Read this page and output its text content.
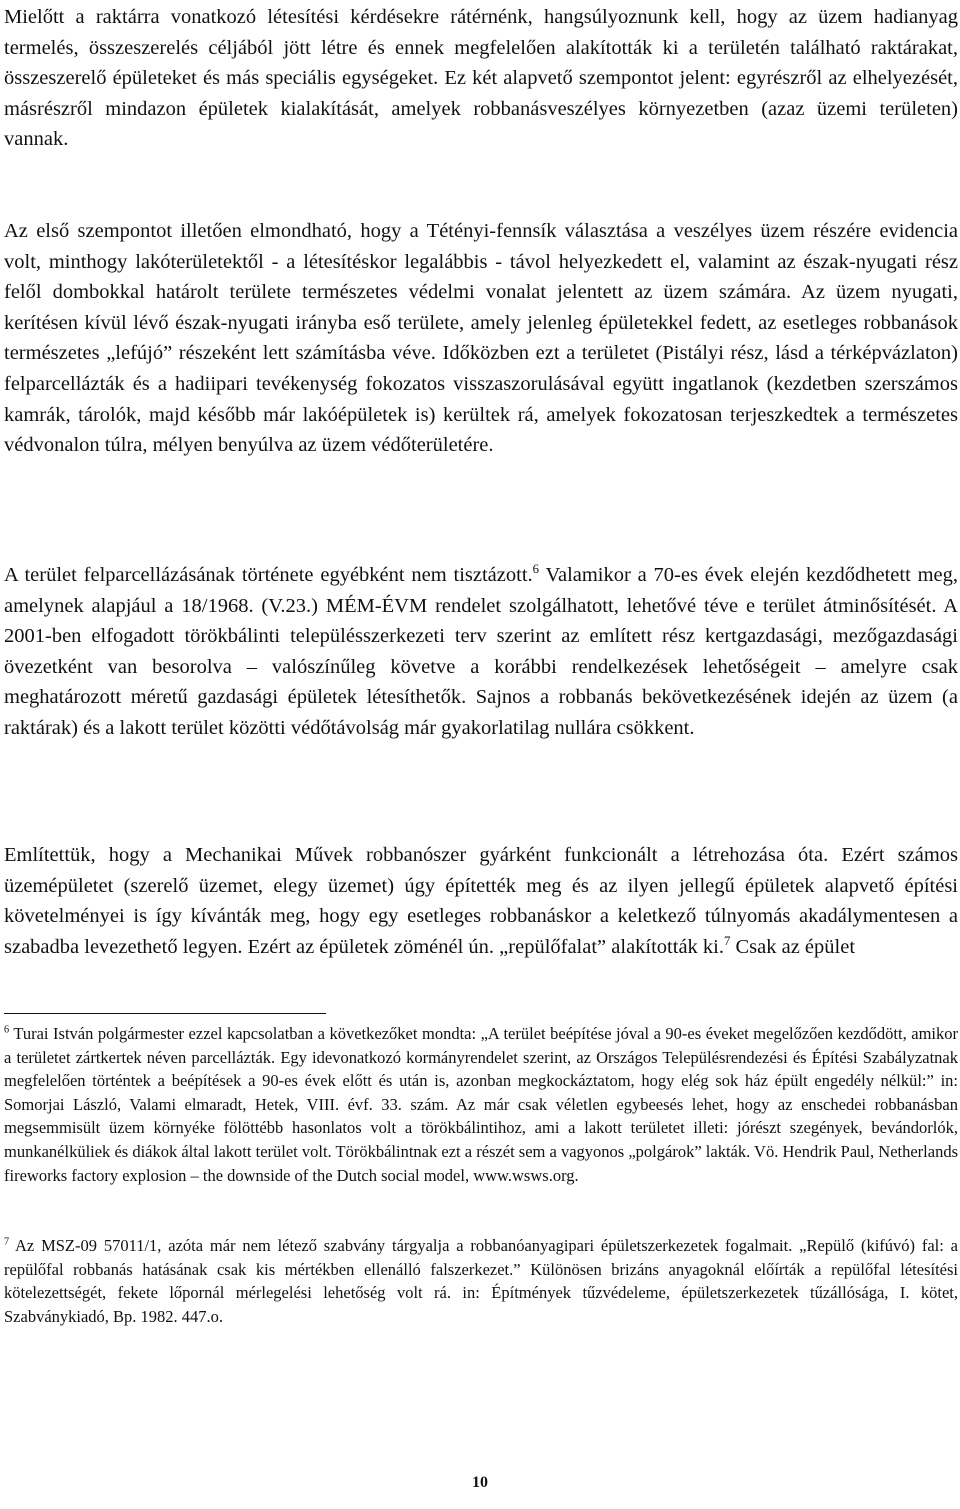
Mielőtt a raktárra vonatkozó létesítési kérdésekre rátérnénk, hangsúlyoznunk kell, hogy az üzem hadianyag termelés, összeszerelés céljából jött létre és ennek megfelelően alakították ki a területén található raktárakat, összeszerelő épületeket és más speciális egységeket. Ez két alapvető szempontot jelent: egyrészről az elhelyezését, másrészről mindazon épületek kialakítását, amelyek robbanásveszélyes környezetben (azaz üzemi területen) vannak.

Az első szempontot illetően elmondható, hogy a Tétényi-fennsík választása a veszélyes üzem részére evidencia volt, minthogy lakóterületektől - a létesítéskor legalábbis - távol helyezkedett el, valamint az észak-nyugati rész felől dombokkal határolt területe természetes védelmi vonalat jelentett az üzem számára. Az üzem nyugati, kerítésen kívül lévő észak-nyugati irányba eső területe, amely jelenleg épületekkel fedett, az esetleges robbanások természetes „lefújó” részeként lett számításba véve. Időközben ezt a területet (Pistályi rész, lásd a térképvázlaton) felparcellázták és a hadiipari tevékenység fokozatos visszaszorulásával együtt ingatlanok (kezdetben szerszámos kamrák, tárolók, majd később már lakóépületek is) kerültek rá, amelyek fokozatosan terjeszkedtek a természetes védvonalon túlra, mélyen benyúlva az üzem védőterületére.

A terület felparcellázásának története egyébként nem tisztázott.$^6$ Valamikor a 70-es évek elején kezdődhetett meg, amelynek alapjául a 18/1968. (V.23.) MÉM-ÉVM rendelet szolgálhatott, lehetővé téve e terület átminősítését. A 2001-ben elfogadott törökbálinti településszerkezeti terv szerint az említett rész kertgazdasági, mezőgazdasági övezetként van besorolva – valószínűleg követve a korábbi rendelkezések lehetőségeit – amelyre csak meghatározott méretű gazdasági épületek létesíthetők. Sajnos a robbanás bekövetkezésének idején az üzem (a raktárak) és a lakott terület közötti védőtávolság már gyakorlatilag nullára csökkent.

Említettük, hogy a Mechanikai Művek robbanószer gyárként funkcionált a létrehozása óta. Ezért számos üzemépületet (szerelő üzemet, elegy üzemet) úgy építették meg és az ilyen jellegű épületek alapvető építési követelményei is így kívánták meg, hogy egy esetleges robbanáskor a keletkező túlnyomás akadálymentesen a szabadba levezethető legyen. Ezért az épületek zöménél ún. „repülőfalat” alakították ki.$^7$ Csak az épület

$^6$ Turai István polgármester ezzel kapcsolatban a következőket mondta: „A terület beépítése jóval a 90-es éveket megelőzően kezdődött, amikor a területet zártkertek néven parcellázták. Egy idevonatkozó kormányrendelet szerint, az Országos Településrendezési és Építési Szabályzatnak megfelelően történtek a beépítések a 90-es évek előtt és után is, azonban megkockáztatom, hogy elég sok ház épült engedély nélkül:” in: Somorjai László, Valami elmaradt, Hetek, VIII. évf. 33. szám. Az már csak véletlen egybeesés lehet, hogy az enschedei robbanásban megsemmisült üzem környéke fölöttébb hasonlatos volt a törökbálintihoz, ami a lakott területet illeti: jórészt szegények, bevándorlók, munkanélküliek és diákok által lakott terület volt. Törökbálintnak ezt a részét sem a vagyonos „polgárok” lakták. Vö. Hendrik Paul, Netherlands fireworks factory explosion – the downside of the Dutch social model, www.wsws.org.

$^7$ Az MSZ-09 57011/1, azóta már nem létező szabvány tárgyalja a robbanóanyagipari épületszerkezetek fogalmait. „Repülő (kifúvó) fal: a repülőfal robbanás hatásának csak kis mértékben ellenálló falszerkezet.” Különösen brizáns anyagoknál előírták a repülőfal létesítési kötelezettségét, fekete lőpornál mérlegelési lehetőség volt rá. in: Építmények tűzvédeleme, épületszerkezetek tűzállósága, I. kötet, Szabványkiadó, Bp. 1982. 447.o.

10
